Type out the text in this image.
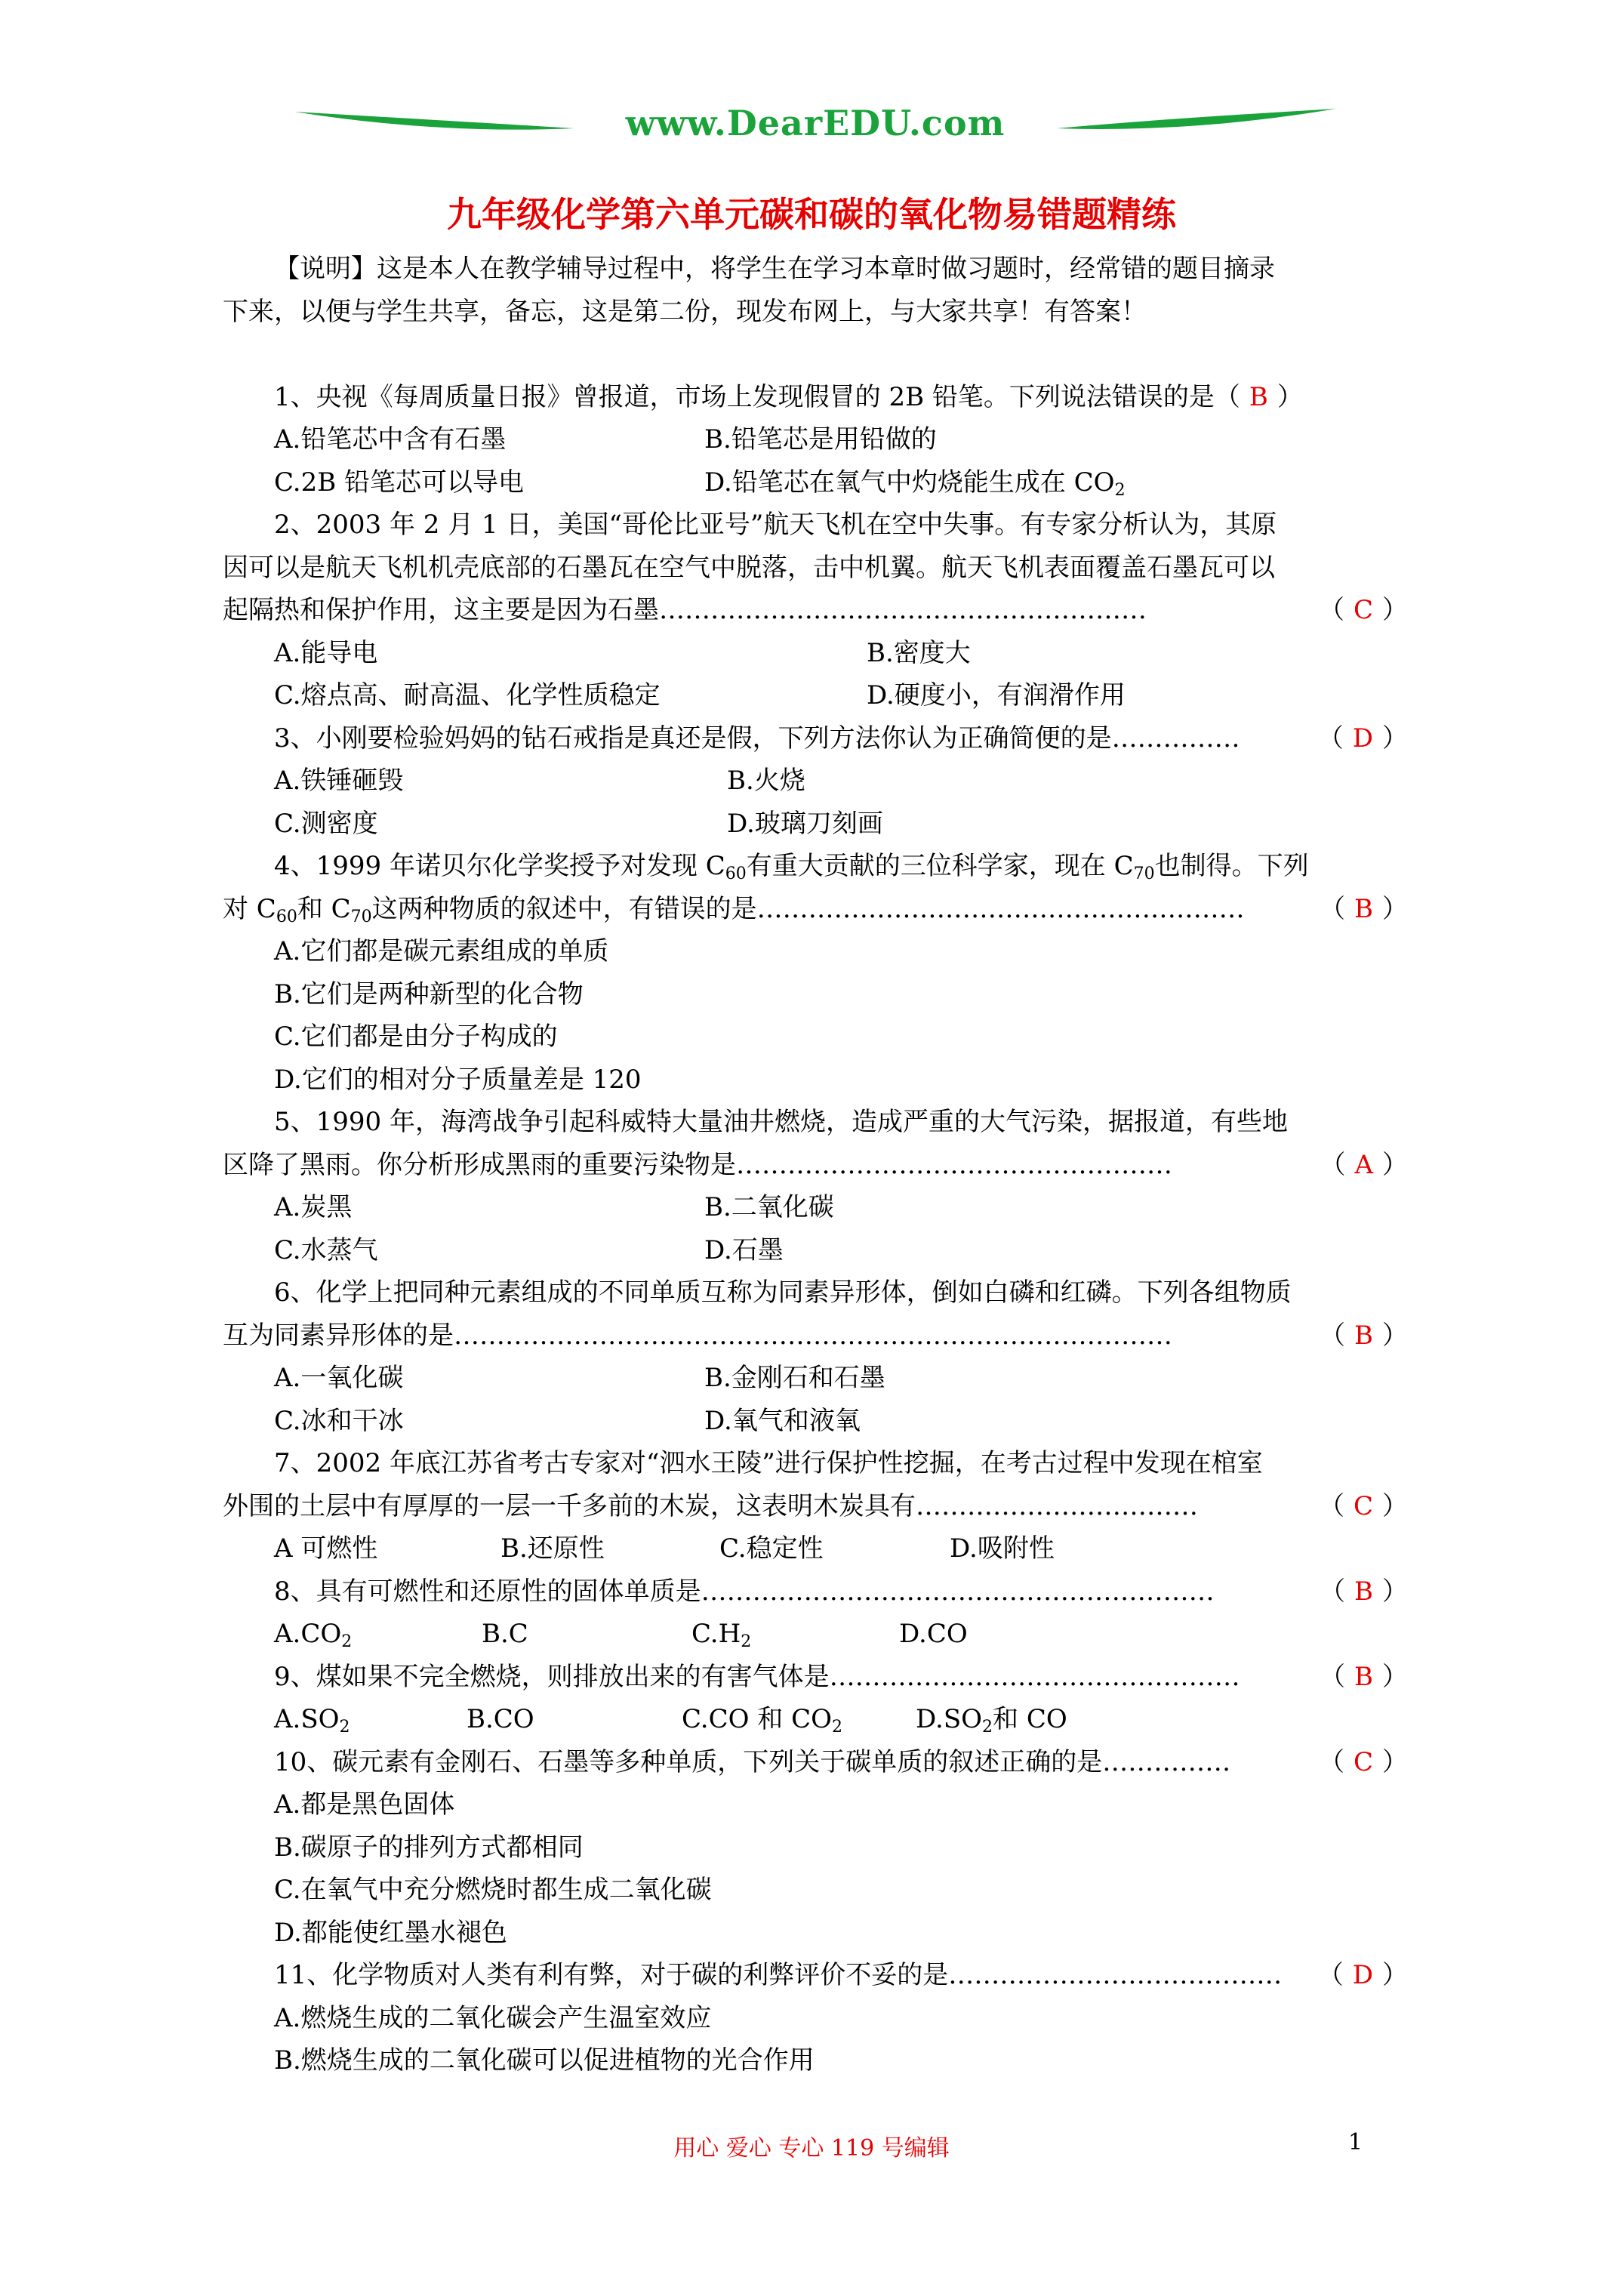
www.DearEDU.com
九年级化学第六单元碳和碳的氧化物易错题精练
【说明】这是本人在教学辅导过程中，将学生在学习本章时做习题时，经常错的题目摘录
下来，以便与学生共享，备忘，这是第二份，现发布网上，与大家共享！有答案！
1、央视《每周质量日报》曾报道，市场上发现假冒的 2B 铅笔。下列说法错误的是（ B ）
A.铅笔芯中含有石墨	B.铅笔芯是用铅做的
C.2B 铅笔芯可以导电	D.铅笔芯在氧气中灼烧能生成在 $CO_2$
2、2003 年 2 月 1 日，美国“哥伦比亚号”航天飞机在空中失事。有专家分析认为，其原
因可以是航天飞机机壳底部的石墨瓦在空气中脱落，击中机翼。航天飞机表面覆盖石墨瓦可以
起隔热和保护作用，这主要是因为石墨…………………………………………………	（ C ）
A.能导电	B.密度大
C.熔点高、耐高温、化学性质稳定	D.硬度小，有润滑作用
3、小刚要检验妈妈的钻石戒指是真还是假，下列方法你认为正确简便的是……………	（ D ）
A.铁锤砸毁	B.火烧
C.测密度	D.玻璃刀刻画
4、1999 年诺贝尔化学奖授予对发现 $C_{60}$有重大贡献的三位科学家，现在 $C_{70}$也制得。下列
对 $C_{60}$和 $C_{70}$这两种物质的叙述中，有错误的是…………………………………………………	（ B ）
A.它们都是碳元素组成的单质
B.它们是两种新型的化合物
C.它们都是由分子构成的
D.它们的相对分子质量差是 120
5、1990 年，海湾战争引起科威特大量油井燃烧，造成严重的大气污染，据报道，有些地
区降了黑雨。你分析形成黑雨的重要污染物是……………………………………………	（ A ）
A.炭黑	B.二氧化碳
C.水蒸气	D.石墨
6、化学上把同种元素组成的不同单质互称为同素异形体，倒如白磷和红磷。下列各组物质
互为同素异形体的是…………………………………………………………………………	（ B ）
A.一氧化碳	B.金刚石和石墨
C.冰和干冰	D.氧气和液氧
7、2002 年底江苏省考古专家对“泗水王陵”进行保护性挖掘，在考古过程中发现在棺室
外围的土层中有厚厚的一层一千多前的木炭，这表明木炭具有……………………………	（ C ）
A 可燃性	B.还原性	C.稳定性	D.吸附性
8、具有可燃性和还原性的固体单质是……………………………………………………	（ B ）
$A.CO_2$	B.C	$C.H_2$	D.CO
9、煤如果不完全燃烧，则排放出来的有害气体是…………………………………………	（ B ）
$A.SO_2$	B.CO	C.CO 和 $CO_2$	$D.SO_2$和 CO
10、碳元素有金刚石、石墨等多种单质，下列关于碳单质的叙述正确的是……………	（ C ）
A.都是黑色固体
B.碳原子的排列方式都相同
C.在氧气中充分燃烧时都生成二氧化碳
D.都能使红墨水褪色
11、化学物质对人类有利有弊，对于碳的利弊评价不妥的是………………………………… （ D ）
A.燃烧生成的二氧化碳会产生温室效应
B.燃烧生成的二氧化碳可以促进植物的光合作用
用心 爱心 专心 119 号编辑	1
